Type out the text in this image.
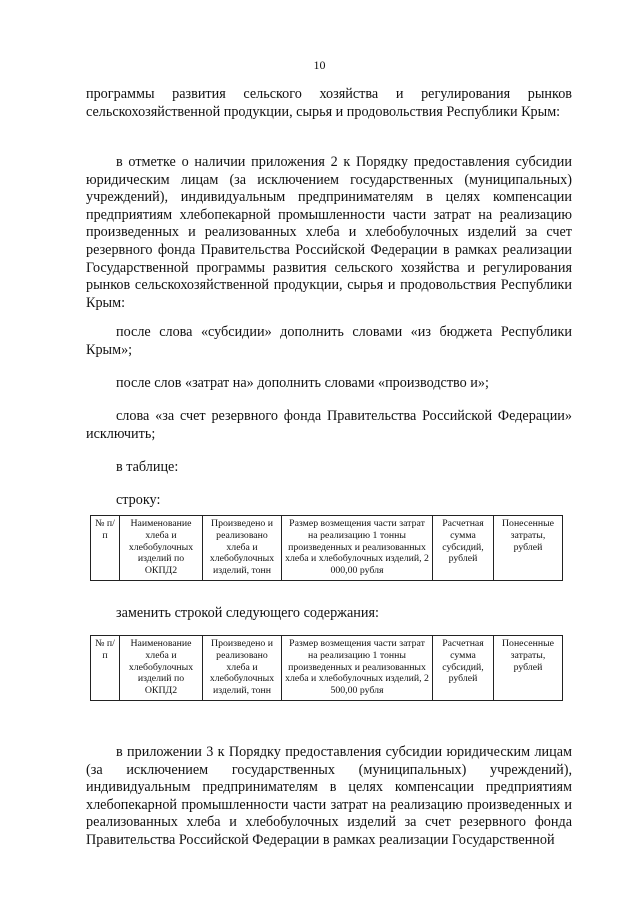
10
программы развития сельского хозяйства и регулирования рынков сельскохозяйственной продукции, сырья и продовольствия Республики Крым:
в отметке о наличии приложения 2 к Порядку предоставления субсидии юридическим лицам (за исключением государственных (муниципальных) учреждений), индивидуальным предпринимателям в целях компенсации предприятиям хлебопекарной промышленности части затрат на реализацию произведенных и реализованных хлеба и хлебобулочных изделий за счет резервного фонда Правительства Российской Федерации в рамках реализации Государственной программы развития сельского хозяйства и регулирования рынков сельскохозяйственной продукции, сырья и продовольствия Республики Крым:
после слова «субсидии» дополнить словами «из бюджета Республики Крым»;
после слов «затрат на» дополнить словами «производство и»;
слова «за счет резервного фонда Правительства Российской Федерации» исключить;
в таблице:
строку:
№ п/п	Наименование хлеба и хлебобулочных изделий по ОКПД2	Произведено и реализовано хлеба и хлебобулочных изделий, тонн	Размер возмещения части затрат на реализацию 1 тонны произведенных и реализованных хлеба и хлебобулочных изделий, 2 000,00 рубля	Расчетная сумма субсидий, рублей	Понесенные затраты, рублей
заменить строкой следующего содержания:
№ п/п	Наименование хлеба и хлебобулочных изделий по ОКПД2	Произведено и реализовано хлеба и хлебобулочных изделий, тонн	Размер возмещения части затрат на реализацию 1 тонны произведенных и реализованных хлеба и хлебобулочных изделий, 2 500,00 рубля	Расчетная сумма субсидий, рублей	Понесенные затраты, рублей
в приложении 3 к Порядку предоставления субсидии юридическим лицам (за исключением государственных (муниципальных) учреждений), индивидуальным предпринимателям в целях компенсации предприятиям хлебопекарной промышленности части затрат на реализацию произведенных и реализованных хлеба и хлебобулочных изделий за счет резервного фонда Правительства Российской Федерации в рамках реализации Государственной
